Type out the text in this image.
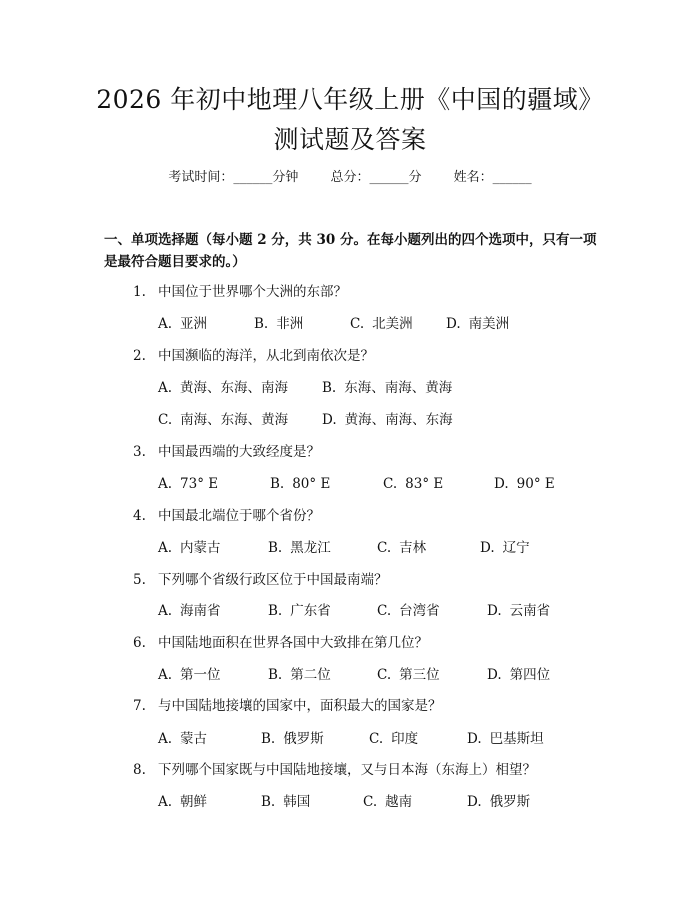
2026 年初中地理八年级上册《中国的疆域》
测试题及答案
考试时间：______分钟 总分：______分 姓名：______
一、单项选择题（每小题 2 分，共 30 分。在每小题列出的四个选项中，只有一项
是最符合题目要求的。）
1. 中国位于世界哪个大洲的东部？
A. 亚洲	B. 非洲	C. 北美洲 D. 南美洲
2. 中国濒临的海洋，从北到南依次是？
A. 黄海、东海、南海	B. 东海、南海、黄海
C. 南海、东海、黄海	D. 黄海、南海、东海
3. 中国最西端的大致经度是？
A. 73° E	B. 80° E	C. 83° E	D. 90° E
4. 中国最北端位于哪个省份？
A. 内蒙古	B. 黑龙江	C. 吉林	D. 辽宁
5. 下列哪个省级行政区位于中国最南端？
A. 海南省	B. 广东省	C. 台湾省	D. 云南省
6. 中国陆地面积在世界各国中大致排在第几位？
A. 第一位	B. 第二位	C. 第三位	D. 第四位
7. 与中国陆地接壤的国家中，面积最大的国家是？
A. 蒙古	B. 俄罗斯	C. 印度	D. 巴基斯坦
8. 下列哪个国家既与中国陆地接壤，又与日本海（东海上）相望？
A. 朝鲜	B. 韩国	C. 越南	D. 俄罗斯
